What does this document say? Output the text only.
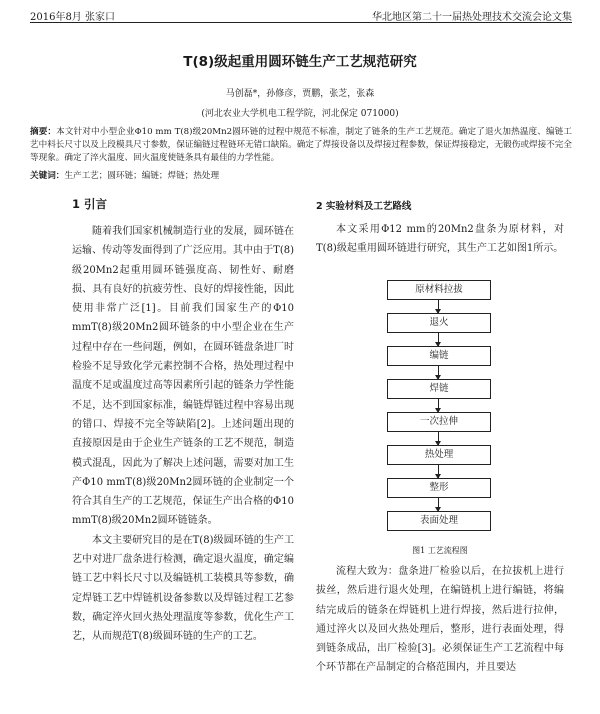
2016年8月 张家口	华北地区第二十一届热处理技术交流会论文集
T(8)级起重用圆环链生产工艺规范研究
马创磊*，孙修彦，贾鹏，张芝，张森
(河北农业大学机电工程学院，河北保定 071000)
摘要：本文针对中小型企业Φ10 mm T(8)级20Mn2圆环链的过程中规范不标准，制定了链条的生产工艺规范。确定了退火加热温度、编链工艺中料长尺寸以及上段模具尺寸参数，保证编链过程链环无错口缺陷。确定了焊接设备以及焊接过程参数，保证焊接稳定，无锻伤或焊接不完全等现象。确定了淬火温度、回火温度使链条具有最佳的力学性能。
关键词：生产工艺；圆环链；编链；焊链；热处理
1 引言

随着我们国家机械制造行业的发展，圆环链在运输、传动等发面得到了广泛应用。其中由于T(8)级20Mn2起重用圆环链强度高、韧性好、耐磨损、具有良好的抗疲劳性、良好的焊接性能，因此使用非常广泛[1]。目前我们国家生产的Φ10 mmT(8)级20Mn2圆环链条的中小型企业在生产过程中存在一些问题，例如，在圆环链盘条进厂时检验不足导致化学元素控制不合格，热处理过程中温度不足或温度过高等因素所引起的链条力学性能不足，达不到国家标准，编链焊链过程中容易出现的错口、焊接不完全等缺陷[2]。上述问题出现的直接原因是由于企业生产链条的工艺不规范，制造模式混乱，因此为了解决上述问题，需要对加工生产Φ10 mmT(8)级20Mn2圆环链的企业制定一个符合其自生产的工艺规范，保证生产出合格的Φ10 mmT(8)级20Mn2圆环链链条。

本文主要研究目的是在T(8)级圆环链的生产工艺中对进厂盘条进行检测，确定退火温度，确定编链工艺中料长尺寸以及编链机工装模具等参数，确定焊链工艺中焊链机设备参数以及焊链过程工艺参数，确定淬火回火热处理温度等参数，优化生产工艺，从而规范T(8)级圆环链的生产的工艺。

2 实验材料及工艺路线

本文采用Φ12 mm的20Mn2盘条为原材料，对T(8)级起重用圆环链进行研究，其生产工艺如图1所示。

原材料拉拔
退火
编链
焊链
一次拉伸
热处理
整形
表面处理
图1 工艺流程图

流程大致为：盘条进厂检验以后，在拉拔机上进行拔丝，然后进行退火处理，在编链机上进行编链，将编结完成后的链条在焊链机上进行焊接，然后进行拉伸，通过淬火以及回火热处理后，整形，进行表面处理，得到链条成品，出厂检验[3]。必须保证生产工艺流程中每个环节都在产品制定的合格范围内，并且要达
